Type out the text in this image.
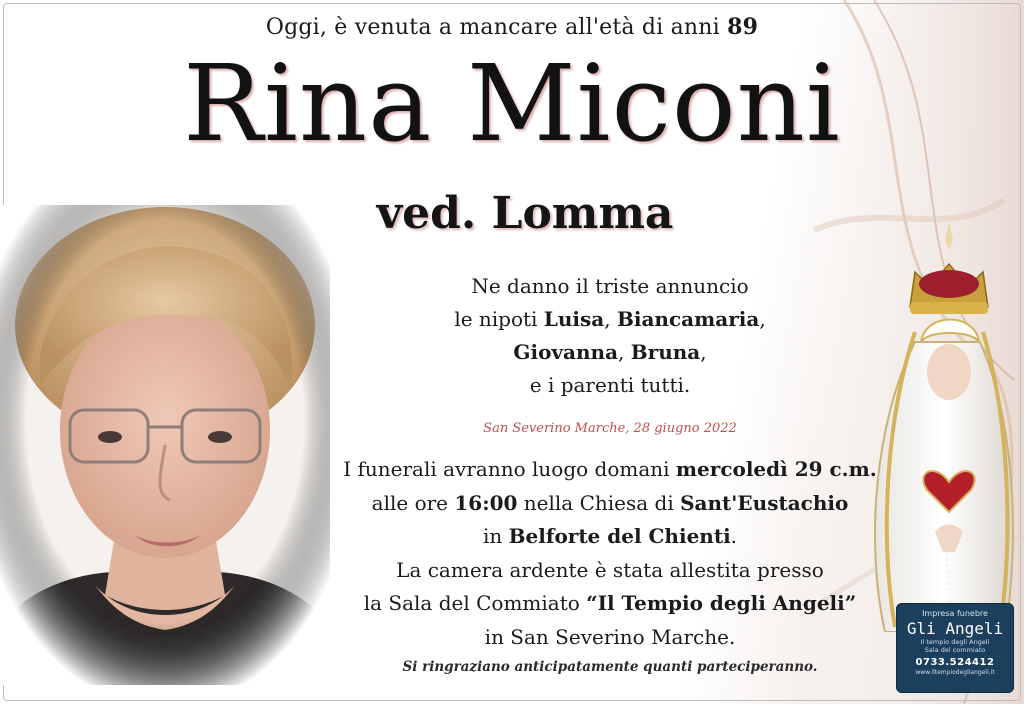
Oggi, è venuta a mancare all'età di anni 89
Rina Miconi
ved. Lomma
Ne danno il triste annuncio
le nipoti Luisa, Biancamaria,
Giovanna, Bruna,
e i parenti tutti.
San Severino Marche, 28 giugno 2022
I funerali avranno luogo domani mercoledì 29 c.m.
alle ore 16:00 nella Chiesa di Sant'Eustachio
in Belforte del Chienti.
La camera ardente è stata allestita presso
la Sala del Commiato “Il Tempio degli Angeli”
in San Severino Marche.
Si ringraziano anticipatamente quanti parteciperanno.
Impresa funebre
Gli Angeli
Il tempio degli Angeli
Sala del commiato
0733.524412
www.iltempiodegliangeli.it
